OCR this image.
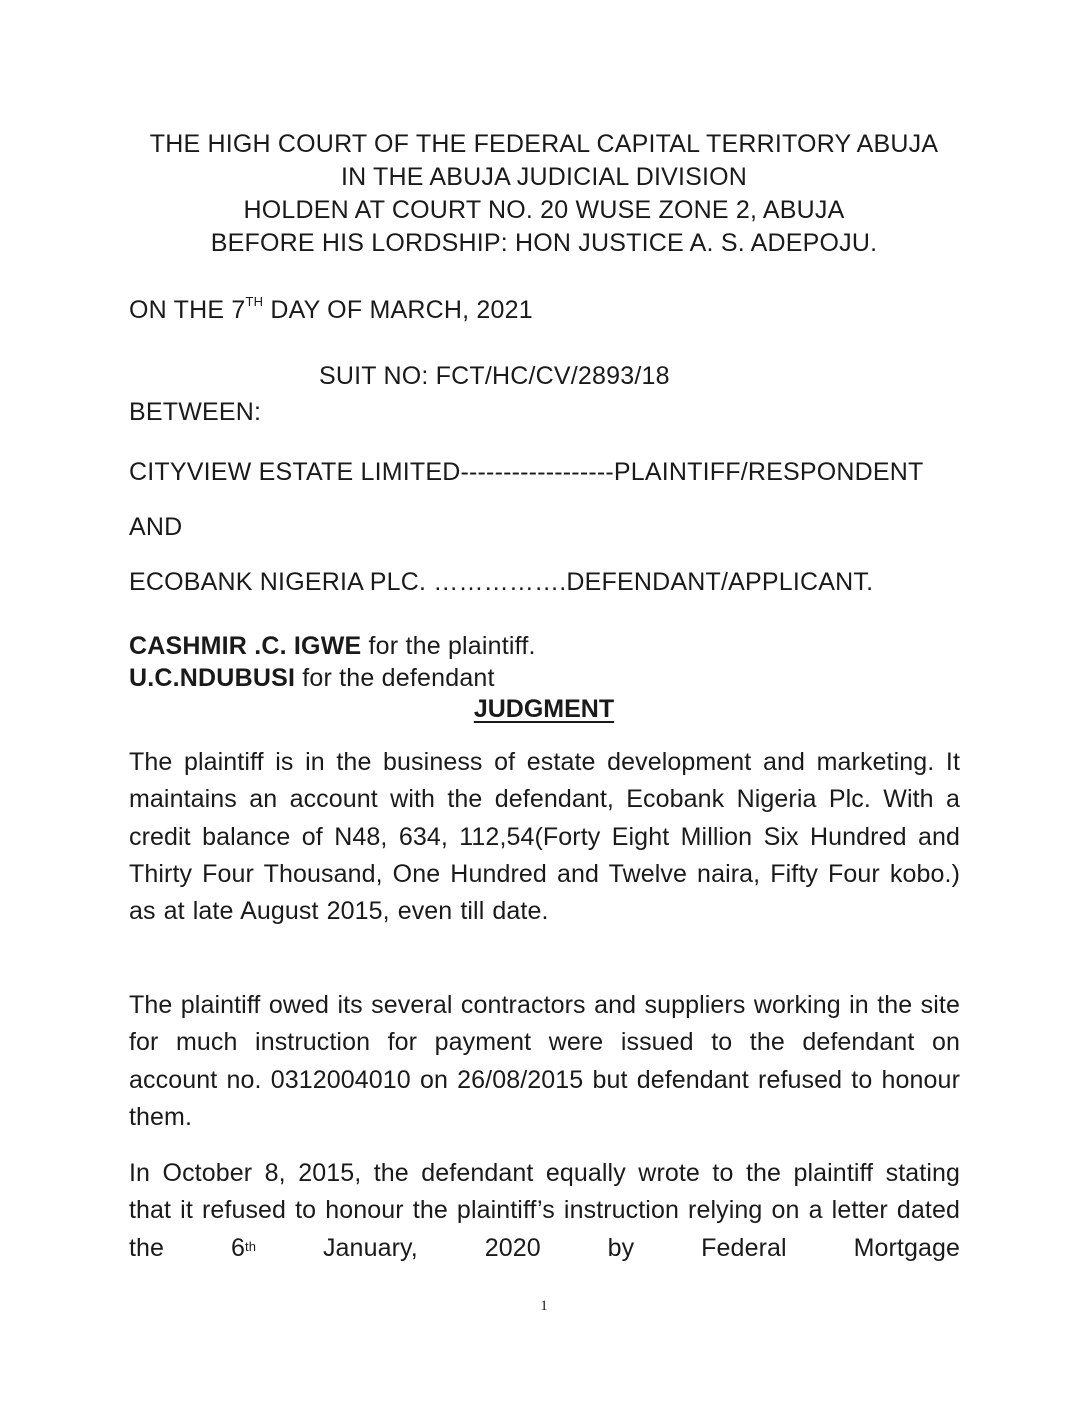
THE HIGH COURT OF THE FEDERAL CAPITAL TERRITORY ABUJA
IN THE ABUJA JUDICIAL DIVISION
HOLDEN AT COURT NO. 20 WUSE ZONE 2, ABUJA
BEFORE HIS LORDSHIP: HON JUSTICE A. S. ADEPOJU.
ON THE 7TH DAY OF MARCH, 2021
SUIT NO: FCT/HC/CV/2893/18
BETWEEN:
CITYVIEW ESTATE LIMITED------------------PLAINTIFF/RESPONDENT
AND
ECOBANK NIGERIA PLC. …………….DEFENDANT/APPLICANT.
CASHMIR .C. IGWE for the plaintiff.
U.C.NDUBUSI for the defendant
JUDGMENT
The plaintiff is in the business of estate development and marketing. It maintains an account with the defendant, Ecobank Nigeria Plc. With a credit balance of N48, 634, 112,54(Forty Eight Million Six Hundred and Thirty Four Thousand, One Hundred and Twelve naira, Fifty Four kobo.) as at late August 2015, even till date.
The plaintiff owed its several contractors and suppliers working in the site for much instruction for payment were issued to the defendant on account no. 0312004010 on 26/08/2015 but defendant refused to honour them.
In October 8, 2015, the defendant equally wrote to the plaintiff stating that it refused to honour the plaintiff’s instruction relying on a letter dated the 6th January, 2020 by Federal Mortgage
1
